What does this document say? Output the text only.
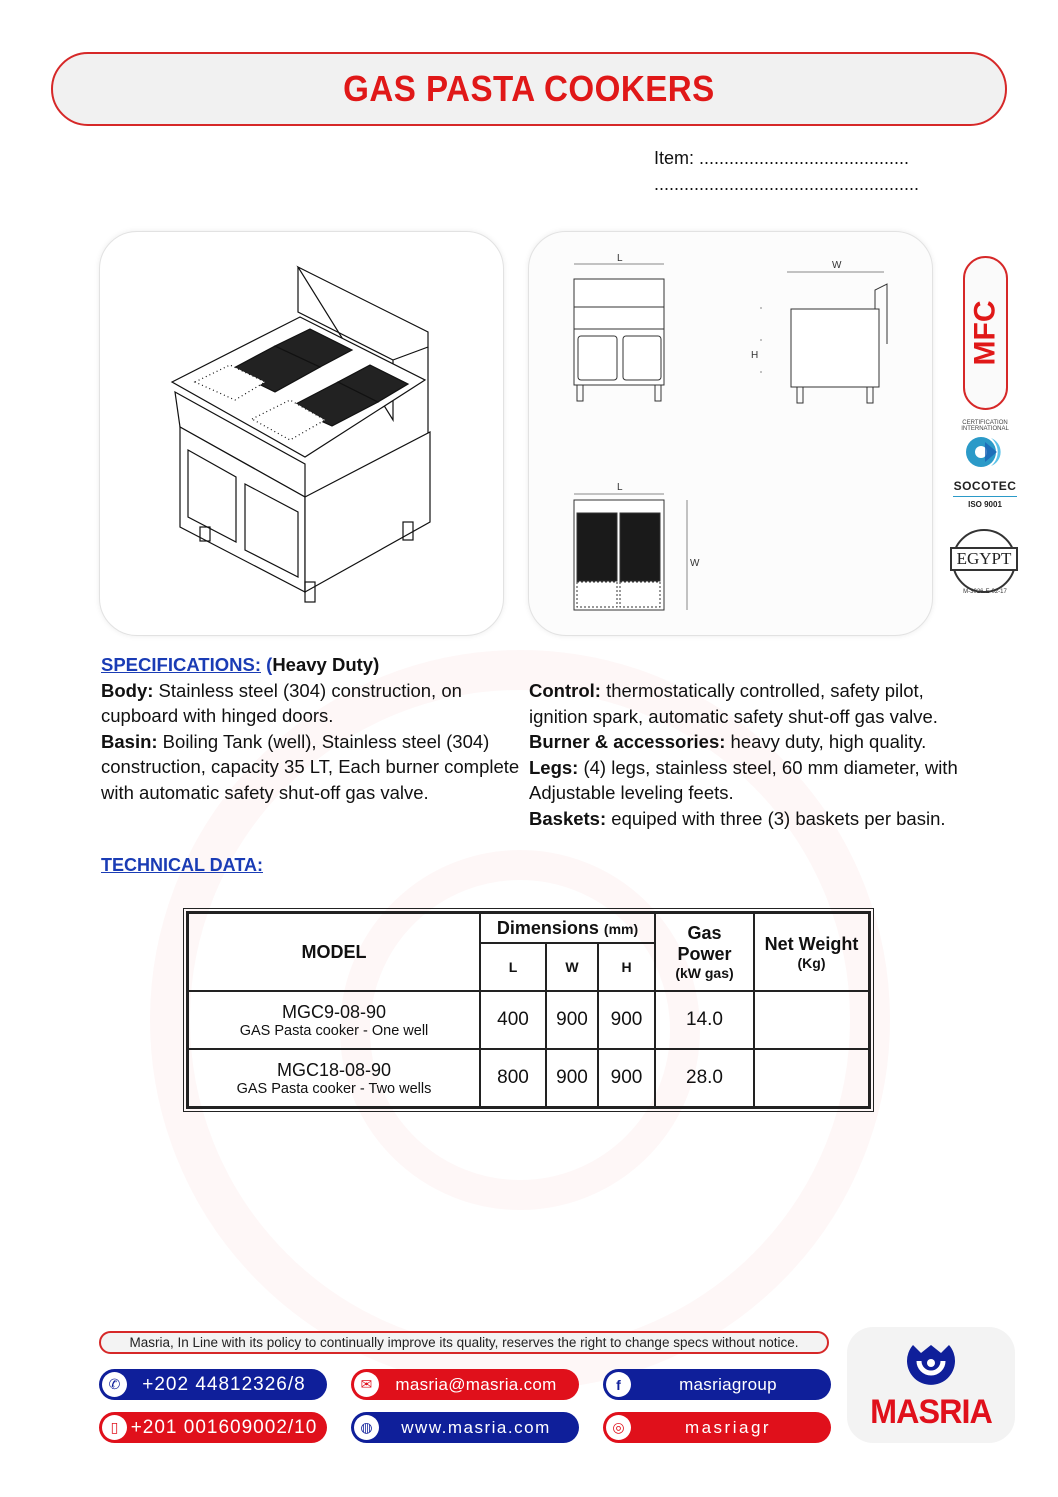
GAS PASTA COOKERS
Item: ..........................................
.....................................................
L
W
H
L
W
MFC
CERTIFICATION INTERNATIONAL
SOCOTEC
ISO 9001
EGYPT
M-3026-E-02-17
SPECIFICATIONS: (Heavy Duty)
Body: Stainless steel (304) construction, on cupboard with hinged doors.
Basin: Boiling Tank (well), Stainless steel (304) construction, capacity 35 LT, Each burner complete with automatic safety shut-off gas valve.
Control: thermostatically controlled, safety pilot, ignition spark, automatic safety shut-off gas valve.
Burner & accessories: heavy duty, high quality.
Legs: (4) legs, stainless steel, 60 mm diameter, with Adjustable leveling feets.
Baskets: equiped with three (3) baskets per basin.
TECHNICAL DATA:
MODEL	Dimensions (mm)			Gas
Power
(kW gas)	Net Weight
(Kg)

	L	W	H		

MGC9-08-90
GAS Pasta cooker - One well	400	900	900	14.0	

MGC18-08-90
GAS Pasta cooker - Two wells	800	900	900	28.0	
Masria, In Line with its policy to continually improve its quality, reserves the right to change specs without notice.
✆	+202 44812326/8	✉	masria@masria.com	f	masriagroup
▯ +201 001609002/10	◍	www.masria.com	◎	masriagr	MASRIA
